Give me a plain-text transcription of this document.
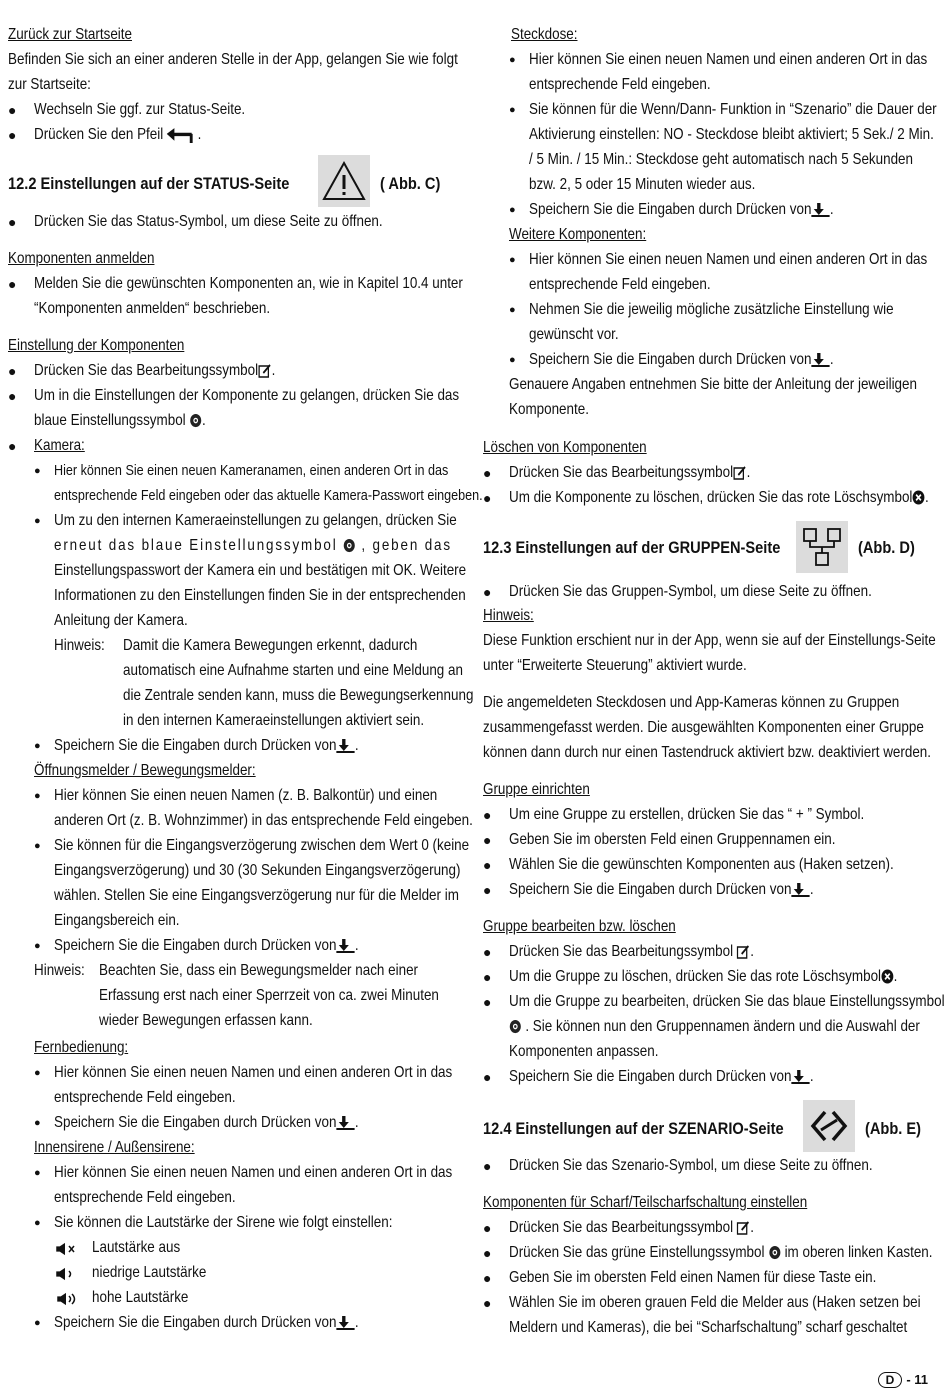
Zurück zur Startseite
Befinden Sie sich an einer anderen Stelle in der App, gelangen Sie wie folgt
zur Startseite:
● Wechseln Sie ggf. zur Status-Seite.
● Drücken Sie den Pfeil  .
12.2 Einstellungen auf der STATUS-Seite	( Abb. C)
● Drücken Sie das Status-Symbol, um diese Seite zu öffnen.
Komponenten anmelden
● Melden Sie die gewünschten Komponenten an, wie in Kapitel 10.4 unter
“Komponenten anmelden“ beschrieben.
Einstellung der Komponenten
● Drücken Sie das Bearbeitungssymbol .
● Um in die Einstellungen der Komponente zu gelangen, drücken Sie das
blaue Einstellungssymbol .
● Kamera:
● Hier können Sie einen neuen Kameranamen, einen anderen Ort in das
entsprechende Feld eingeben oder das aktuelle Kamera-Passwort eingeben.
● Um zu den internen Kameraeinstellungen zu gelangen, drücken Sie
erneut das blaue Einstellungssymbol , geben das
Einstellungspasswort der Kamera ein und bestätigen mit OK. Weitere
Informationen zu den Einstellungen finden Sie in der entsprechenden
Anleitung der Kamera.
Hinweis: Damit die Kamera Bewegungen erkennt, dadurch
automatisch eine Aufnahme starten und eine Meldung an
die Zentrale senden kann, muss die Bewegungserkennung
in den internen Kameraeinstellungen aktiviert sein.
● Speichern Sie die Eingaben durch Drücken von .
Öffnungsmelder / Bewegungsmelder:
● Hier können Sie einen neuen Namen (z. B. Balkontür) und einen
anderen Ort (z. B. Wohnzimmer) in das entsprechende Feld eingeben.
● Sie können für die Eingangsverzögerung zwischen dem Wert 0 (keine
Eingangsverzögerung) und 30 (30 Sekunden Eingangsverzögerung)
wählen. Stellen Sie eine Eingangsverzögerung nur für die Melder im
Eingangsbereich ein.
● Speichern Sie die Eingaben durch Drücken von .
Hinweis: Beachten Sie, dass ein Bewegungsmelder nach einer
Erfassung erst nach einer Sperrzeit von ca. zwei Minuten
wieder Bewegungen erfassen kann.
Fernbedienung:
● Hier können Sie einen neuen Namen und einen anderen Ort in das
entsprechende Feld eingeben.
● Speichern Sie die Eingaben durch Drücken von .
Innensirene / Außensirene:
● Hier können Sie einen neuen Namen und einen anderen Ort in das
entsprechende Feld eingeben.
● Sie können die Lautstärke der Sirene wie folgt einstellen:
Lautstärke aus
niedrige Lautstärke
hohe Lautstärke
● Speichern Sie die Eingaben durch Drücken von .
Steckdose:
● Hier können Sie einen neuen Namen und einen anderen Ort in das
entsprechende Feld eingeben.
● Sie können für die Wenn/Dann- Funktion in “Szenario” die Dauer der
Aktivierung einstellen: NO - Steckdose bleibt aktiviert; 5 Sek./ 2 Min.
/ 5 Min. / 15 Min.: Steckdose geht automatisch nach 5 Sekunden
bzw. 2, 5 oder 15 Minuten wieder aus.
● Speichern Sie die Eingaben durch Drücken von .
Weitere Komponenten:
● Hier können Sie einen neuen Namen und einen anderen Ort in das
entsprechende Feld eingeben.
● Nehmen Sie die jeweilig mögliche zusätzliche Einstellung wie
gewünscht vor.
● Speichern Sie die Eingaben durch Drücken von .
Genauere Angaben entnehmen Sie bitte der Anleitung der jeweiligen
Komponente.
Löschen von Komponenten
● Drücken Sie das Bearbeitungssymbol .
● Um die Komponente zu löschen, drücken Sie das rote Löschsymbol .
12.3 Einstellungen auf der GRUPPEN-Seite	(Abb. D)
● Drücken Sie das Gruppen-Symbol, um diese Seite zu öffnen.
Hinweis:
Diese Funktion erschient nur in der App, wenn sie auf der Einstellungs-Seite
unter “Erweiterte Steuerung” aktiviert wurde.
Die angemeldeten Steckdosen und App-Kameras können zu Gruppen
zusammengefasst werden. Die ausgewählten Komponenten einer Gruppe
können dann durch nur einen Tastendruck aktiviert bzw. deaktiviert werden.
Gruppe einrichten
● Um eine Gruppe zu erstellen, drücken Sie das “ + ” Symbol.
● Geben Sie im obersten Feld einen Gruppennamen ein.
● Wählen Sie die gewünschten Komponenten aus (Haken setzen).
● Speichern Sie die Eingaben durch Drücken von .
Gruppe bearbeiten bzw. löschen
● Drücken Sie das Bearbeitungssymbol .
● Um die Gruppe zu löschen, drücken Sie das rote Löschsymbol .
● Um die Gruppe zu bearbeiten, drücken Sie das blaue Einstellungssymbol
. Sie können nun den Gruppennamen ändern und die Auswahl der
Komponenten anpassen.
● Speichern Sie die Eingaben durch Drücken von .
12.4 Einstellungen auf der SZENARIO-Seite	(Abb. E)
● Drücken Sie das Szenario-Symbol, um diese Seite zu öffnen.
Komponenten für Scharf/Teilscharfschaltung einstellen
● Drücken Sie das Bearbeitungssymbol .
● Drücken Sie das grüne Einstellungssymbol im oberen linken Kasten.
● Geben Sie im obersten Feld einen Namen für diese Taste ein.
● Wählen Sie im oberen grauen Feld die Melder aus (Haken setzen bei
Meldern und Kameras), die bei “Scharfschaltung” scharf geschaltet
D - 11
